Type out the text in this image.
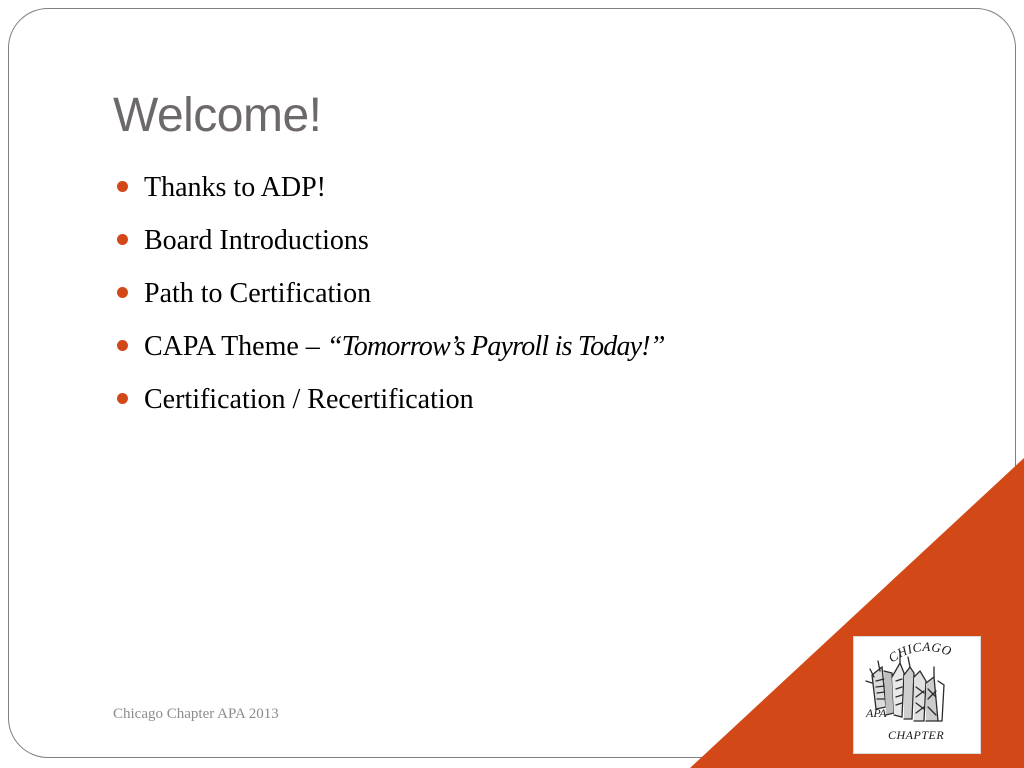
Welcome!
Thanks to ADP!
Board Introductions
Path to Certification
CAPA Theme – “Tomorrow’s Payroll is Today!”
Certification / Recertification
Chicago Chapter APA 2013
CHICAGO
APA
CHAPTER
